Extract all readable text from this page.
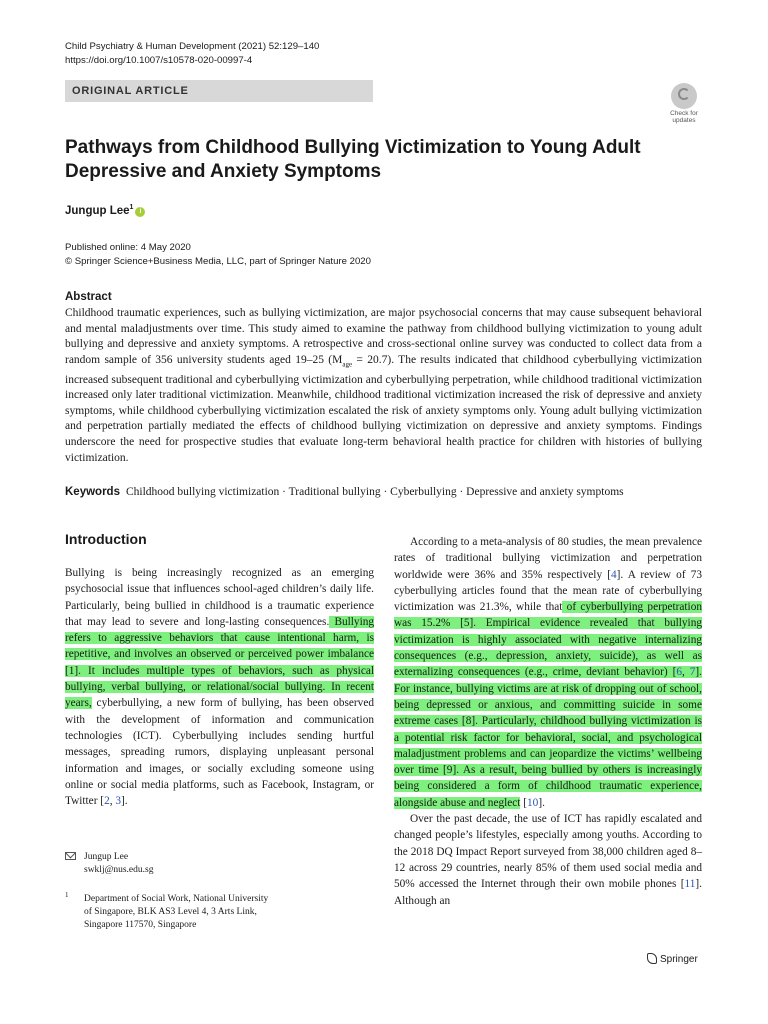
Child Psychiatry & Human Development (2021) 52:129–140
https://doi.org/10.1007/s10578-020-00997-4
ORIGINAL ARTICLE
Check for
updates
Pathways from Childhood Bullying Victimization to Young Adult Depressive and Anxiety Symptoms
Jungup Lee$^1$i
Published online: 4 May 2020
© Springer Science+Business Media, LLC, part of Springer Nature 2020
Abstract
Childhood traumatic experiences, such as bullying victimization, are major psychosocial concerns that may cause subsequent behavioral and mental maladjustments over time. This study aimed to examine the pathway from childhood bullying victimization to young adult bullying and depressive and anxiety symptoms. A retrospective and cross-sectional online survey was conducted to collect data from a random sample of 356 university students aged 19–25 $(M_{age} = 20.7)$. The results indicated that childhood cyberbullying victimization increased subsequent traditional and cyberbullying victimization and cyberbullying perpetration, while childhood traditional victimization increased only later traditional victimization. Meanwhile, childhood traditional victimization increased the risk of depressive and anxiety symptoms, while childhood cyberbullying victimization escalated the risk of anxiety symptoms only. Young adult bullying victimization and perpetration partially mediated the effects of childhood bullying victimization on depressive and anxiety symptoms. Findings underscore the need for prospective studies that evaluate long-term behavioral health practice for children with histories of bullying victimization.
Keywords Childhood bullying victimization · Traditional bullying · Cyberbullying · Depressive and anxiety symptoms
Introduction

Bullying is being increasingly recognized as an emerging psychosocial issue that influences school-aged children’s daily life. Particularly, being bullied in childhood is a traumatic experience that may lead to severe and long-lasting consequences. Bullying refers to aggressive behaviors that cause intentional harm, is repetitive, and involves an observed or perceived power imbalance [1]. It includes multiple types of behaviors, such as physical bullying, verbal bullying, or relational/social bullying. In recent years, cyberbullying, a new form of bullying, has been observed with the development of information and communication technologies (ICT). Cyberbullying includes sending hurtful messages, spreading rumors, displaying unpleasant personal information and images, or socially excluding someone using online or social media platforms, such as Facebook, Instagram, or Twitter [2, 3].

According to a meta-analysis of 80 studies, the mean prevalence rates of traditional bullying victimization and perpetration worldwide were 36% and 35% respectively [4]. A review of 73 cyberbullying articles found that the mean rate of cyberbullying victimization was 21.3%, while that of cyberbullying perpetration was 15.2% [5]. Empirical evidence revealed that bullying victimization is highly associated with negative internalizing consequences (e.g., depression, anxiety, suicide), as well as externalizing consequences (e.g., crime, deviant behavior) [6, 7]. For instance, bullying victims are at risk of dropping out of school, being depressed or anxious, and committing suicide in some extreme cases [8]. Particularly, childhood bullying victimization is a potential risk factor for behavioral, social, and psychological maladjustment problems and can jeopardize the victims’ wellbeing over time [9]. As a result, being bullied by others is increasingly being considered a form of childhood traumatic experience, alongside abuse and neglect [10].

Over the past decade, the use of ICT has rapidly escalated and changed people’s lifestyles, especially among youths. According to the 2018 DQ Impact Report surveyed from 38,000 children aged 8–12 across 29 countries, nearly 85% of them used social media and 50% accessed the Internet through their own mobile phones [11]. Although an

Jungup Lee
swklj@nus.edu.sg
1 Department of Social Work, National University
of Singapore, BLK AS3 Level 4, 3 Arts Link,
Singapore 117570, Singapore
Springer
